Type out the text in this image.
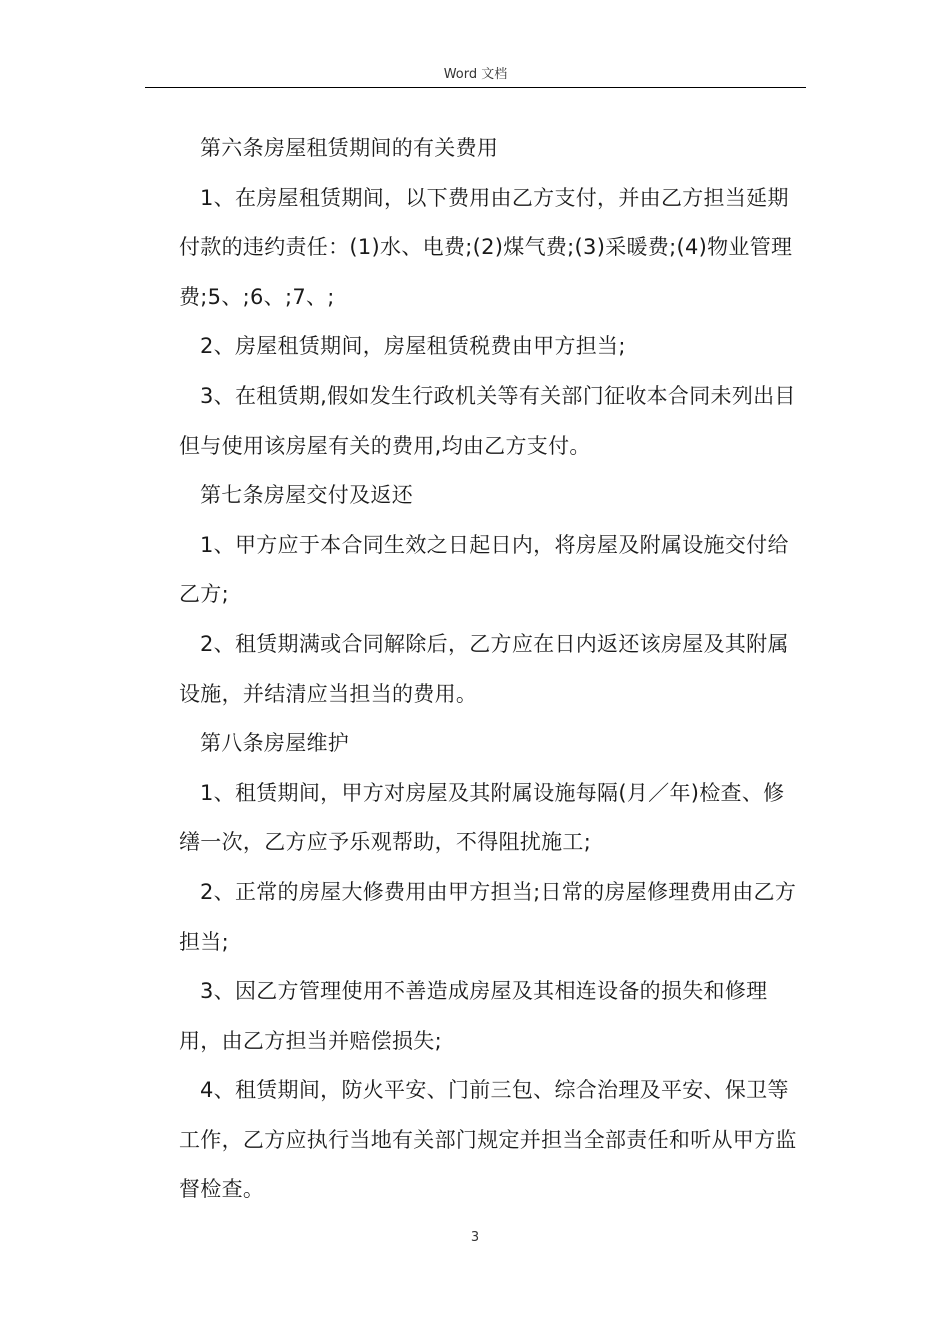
Word 文档

第六条房屋租赁期间的有关费用

1、在房屋租赁期间，以下费用由乙方支付，并由乙方担当延期付款的违约责任：(1)水、电费;(2)煤气费;(3)采暖费;(4)物业管理费;5、;6、;7、;

2、房屋租赁期间，房屋租赁税费由甲方担当;

3、在租赁期,假如发生行政机关等有关部门征收本合同未列出目但与使用该房屋有关的费用,均由乙方支付。

第七条房屋交付及返还

1、甲方应于本合同生效之日起日内，将房屋及附属设施交付给乙方;

2、租赁期满或合同解除后，乙方应在日内返还该房屋及其附属设施，并结清应当担当的费用。

第八条房屋维护

1、租赁期间，甲方对房屋及其附属设施每隔(月／年)检查、修缮一次，乙方应予乐观帮助，不得阻扰施工;

2、正常的房屋大修费用由甲方担当;日常的房屋修理费用由乙方担当;

3、因乙方管理使用不善造成房屋及其相连设备的损失和修理用，由乙方担当并赔偿损失;

4、租赁期间，防火平安、门前三包、综合治理及平安、保卫等工作，乙方应执行当地有关部门规定并担当全部责任和听从甲方监督检查。

3
